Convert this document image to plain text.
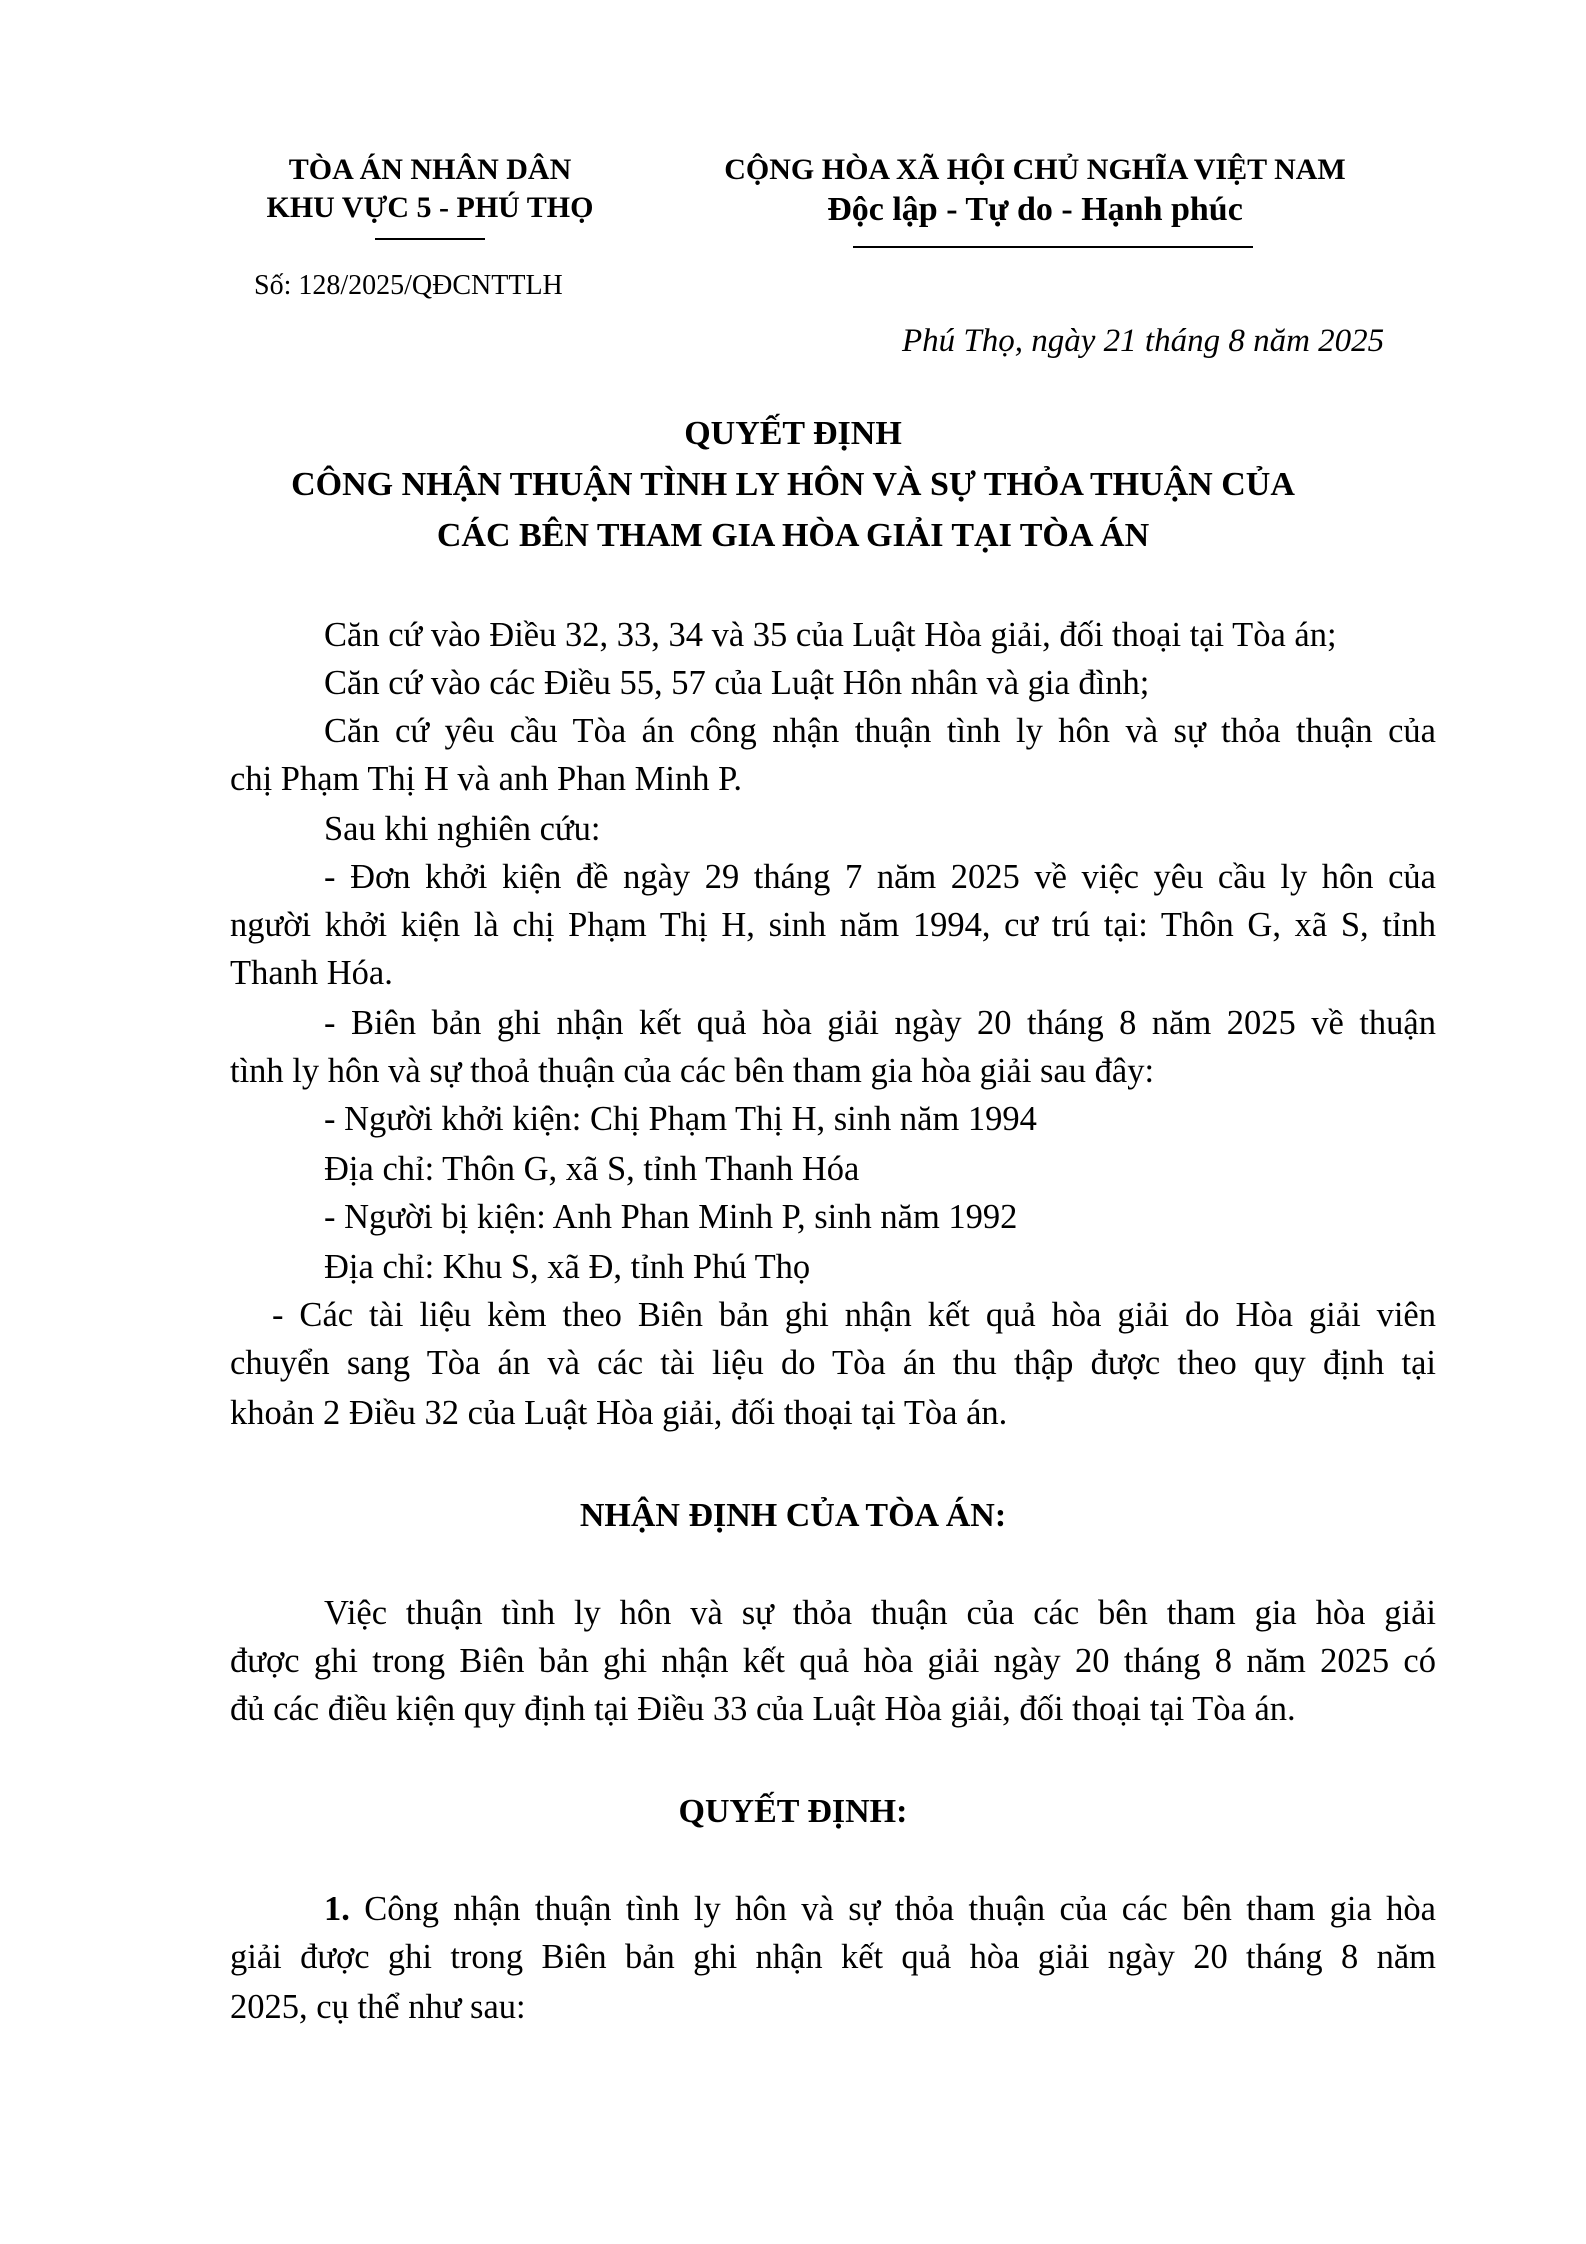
TÒA ÁN NHÂN DÂN
KHU VỰC 5 - PHÚ THỌ
CỘNG HÒA XÃ HỘI CHỦ NGHĨA VIỆT NAM
Độc lập - Tự do - Hạnh phúc
Số: 128/2025/QĐCNTTLH
Phú Thọ, ngày 21 tháng 8 năm 2025
QUYẾT ĐỊNH
CÔNG NHẬN THUẬN TÌNH LY HÔN VÀ SỰ THỎA THUẬN CỦA
CÁC BÊN THAM GIA HÒA GIẢI TẠI TÒA ÁN
Căn cứ vào Điều 32, 33, 34 và 35 của Luật Hòa giải, đối thoại tại Tòa án;
Căn cứ vào các Điều 55, 57 của Luật Hôn nhân và gia đình;
Căn cứ yêu cầu Tòa án công nhận thuận tình ly hôn và sự thỏa thuận của
chị Phạm Thị H và anh Phan Minh P.
Sau khi nghiên cứu:
- Đơn khởi kiện đề ngày 29 tháng 7 năm 2025 về việc yêu cầu ly hôn của
người khởi kiện là chị Phạm Thị H, sinh năm 1994, cư trú tại: Thôn G, xã S, tỉnh
Thanh Hóa.
- Biên bản ghi nhận kết quả hòa giải ngày 20 tháng 8 năm 2025 về thuận
tình ly hôn và sự thoả thuận của các bên tham gia hòa giải sau đây:
- Người khởi kiện: Chị Phạm Thị H, sinh năm 1994
Địa chỉ: Thôn G, xã S, tỉnh Thanh Hóa
- Người bị kiện: Anh Phan Minh P, sinh năm 1992
Địa chỉ: Khu S, xã Đ, tỉnh Phú Thọ
- Các tài liệu kèm theo Biên bản ghi nhận kết quả hòa giải do Hòa giải viên
chuyển sang Tòa án và các tài liệu do Tòa án thu thập được theo quy định tại
khoản 2 Điều 32 của Luật Hòa giải, đối thoại tại Tòa án.
NHẬN ĐỊNH CỦA TÒA ÁN:
Việc thuận tình ly hôn và sự thỏa thuận của các bên tham gia hòa giải
được ghi trong Biên bản ghi nhận kết quả hòa giải ngày 20 tháng 8 năm 2025 có
đủ các điều kiện quy định tại Điều 33 của Luật Hòa giải, đối thoại tại Tòa án.
QUYẾT ĐỊNH:
1. Công nhận thuận tình ly hôn và sự thỏa thuận của các bên tham gia hòa
giải được ghi trong Biên bản ghi nhận kết quả hòa giải ngày 20 tháng 8 năm
2025, cụ thể như sau:
